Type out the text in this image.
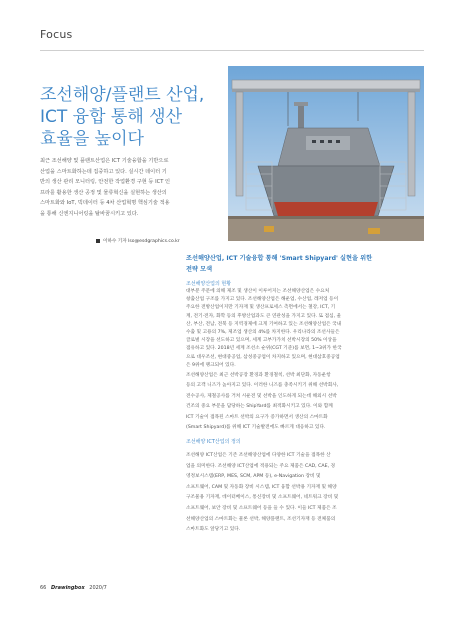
Focus
조선해양/플랜트 산업,
ICT 융합 통해 생산
효율을 높이다
최근 조선해양 및 플랜트산업은 ICT 기술융합을 기반으로
산업을 스마트화하는데 집중하고 있다. 실시간 데이터 기
반의 생산 관리 모니터링, 안전한 작업환경 구현 등 ICT 인
프라를 활용한 생산 공정 및 물류혁신을 실현하는 생산의
스마트화와 IoT, 빅데이터 등 4차 산업혁명 핵심기술 적용
을 통해 신엔지니어링을 탈바꿈시키고 있다.
이하수 기자 lso@esdgraphics.co.kr
조선해양산업, ICT 기술융합 통해 'Smart Shipyard' 실현을 위한
전략 모색
조선해양산업의 현황
대부분 주문에 의해 제조 및 생산이 이루어지는 조선해양산업은 수요처
창출산업 구조를 가지고 있다. 조선해양산업은 해운업, 수산업, 레저업 등이
주요한 전방산업이지만 기자재 및 생산프로세스 측면에서는 철강, ICT, 기
계, 전기·전자, 화학 등의 후방산업과도 큰 연관성을 가지고 있다. 또 점심, 울
산, 부산, 전남, 전북 등 지역경제에 크게 기여하고 있는 조선해양산업은 국내
수출 및 고용의 7%, 제조업 생산의 4%를 차지한다. 우리나라의 조선사들은
글로벌 시장을 선도하고 있으며, 세계 고부가가치 선박시장의 50% 이상을
점유하고 있다. 2018년 세계 조선소 순위(CGT 기준)를 보면, 1~3위가 한국
으로 대우조선, 현대중공업, 삼성중공업이 차지하고 있으며, 현대삼호중공업
은 9위에 랭크되어 있다.
조선해양산업은 최근 선박공장 환경과 환경철칙, 선박 최단화, 자동운항
등의 고객 니즈가 높아지고 있다. 이러한 니즈를 충족시키기 위해 선박회사,
전수공사, 제철공사를 거쳐 시운전 및 선박을 인도하게 되는데 해외시 선박
건조의 중요 부문을 담당하는 ShipYard를 최적화시키고 있다. 이와 함께
ICT 기술이 접목된 스마트 선박의 요구가 증가하면서 생산의 스마트화
(Smart Shipyard)를 위해 ICT 기술발전에도 빠르게 대응하고 있다.
조선해양 ICT산업의 정의
조선해양 ICT산업은 기존 조선해양산업에 다양한 ICT 기술을 접목한 산
업을 의미한다. 조선해양 ICT산업에 적용되는 주요 제품은 CAD, CAE, 경
영정보시스템(ERP, MES, SCM, APM 등), e-Navigation 장비 및
소프트웨어, CAM 및 자동화 장비 시스템, ICT 융합 선박용 기자재 및 해양
구조물용 기자재, 데이터베이스, 통신장비 및 소프트웨어, 네트워크 장비 및
소프트웨어, 보안 장비 및 소프트웨어 등을 들 수 있다. 이들 ICT 제품은 조
선해양산업의 스마트화는 물론 선박, 해양플랜트, 조선기자재 등 전체품의
스마트화도 앞당기고 있다.
66 Drawingbox 2020/7
